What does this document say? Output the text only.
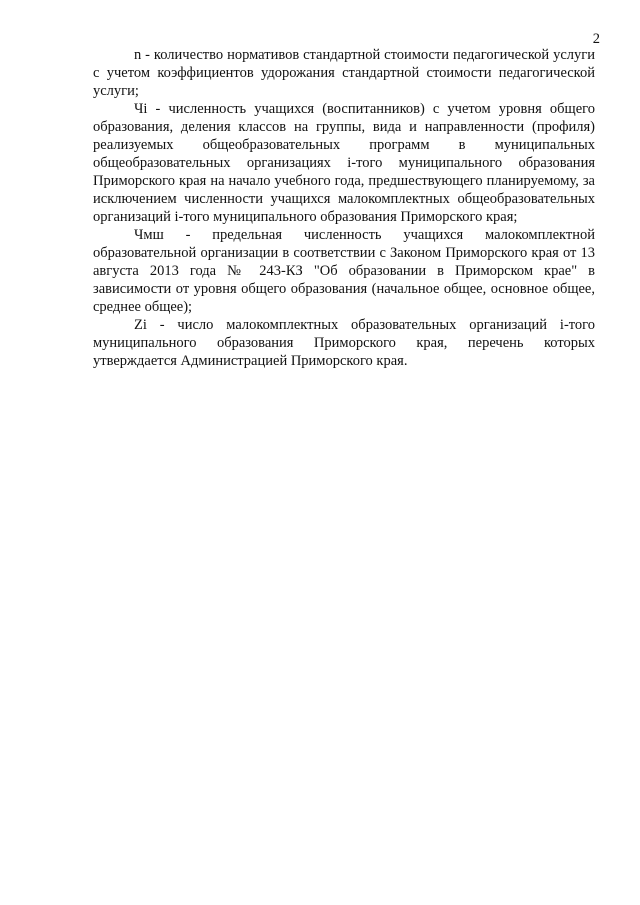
2

n - количество нормативов стандартной стоимости педагогической услуги с учетом коэффициентов удорожания стандартной стоимости педагогической услуги;

Чi - численность учащихся (воспитанников) с учетом уровня общего образования, деления классов на группы, вида и направленности (профиля) реализуемых общеобразовательных программ в муниципальных общеобразовательных организациях i-того муниципального образования Приморского края на начало учебного года, предшествующего планируемому, за исключением численности учащихся малокомплектных общеобразовательных организаций i-того муниципального образования Приморского края;

Чмш - предельная численность учащихся малокомплектной образовательной организации в соответствии с Законом Приморского края от 13 августа 2013 года № 243-КЗ "Об образовании в Приморском крае" в зависимости от уровня общего образования (начальное общее, основное общее, среднее общее);

Zi - число малокомплектных образовательных организаций i-того муниципального образования Приморского края, перечень которых утверждается Администрацией Приморского края.
